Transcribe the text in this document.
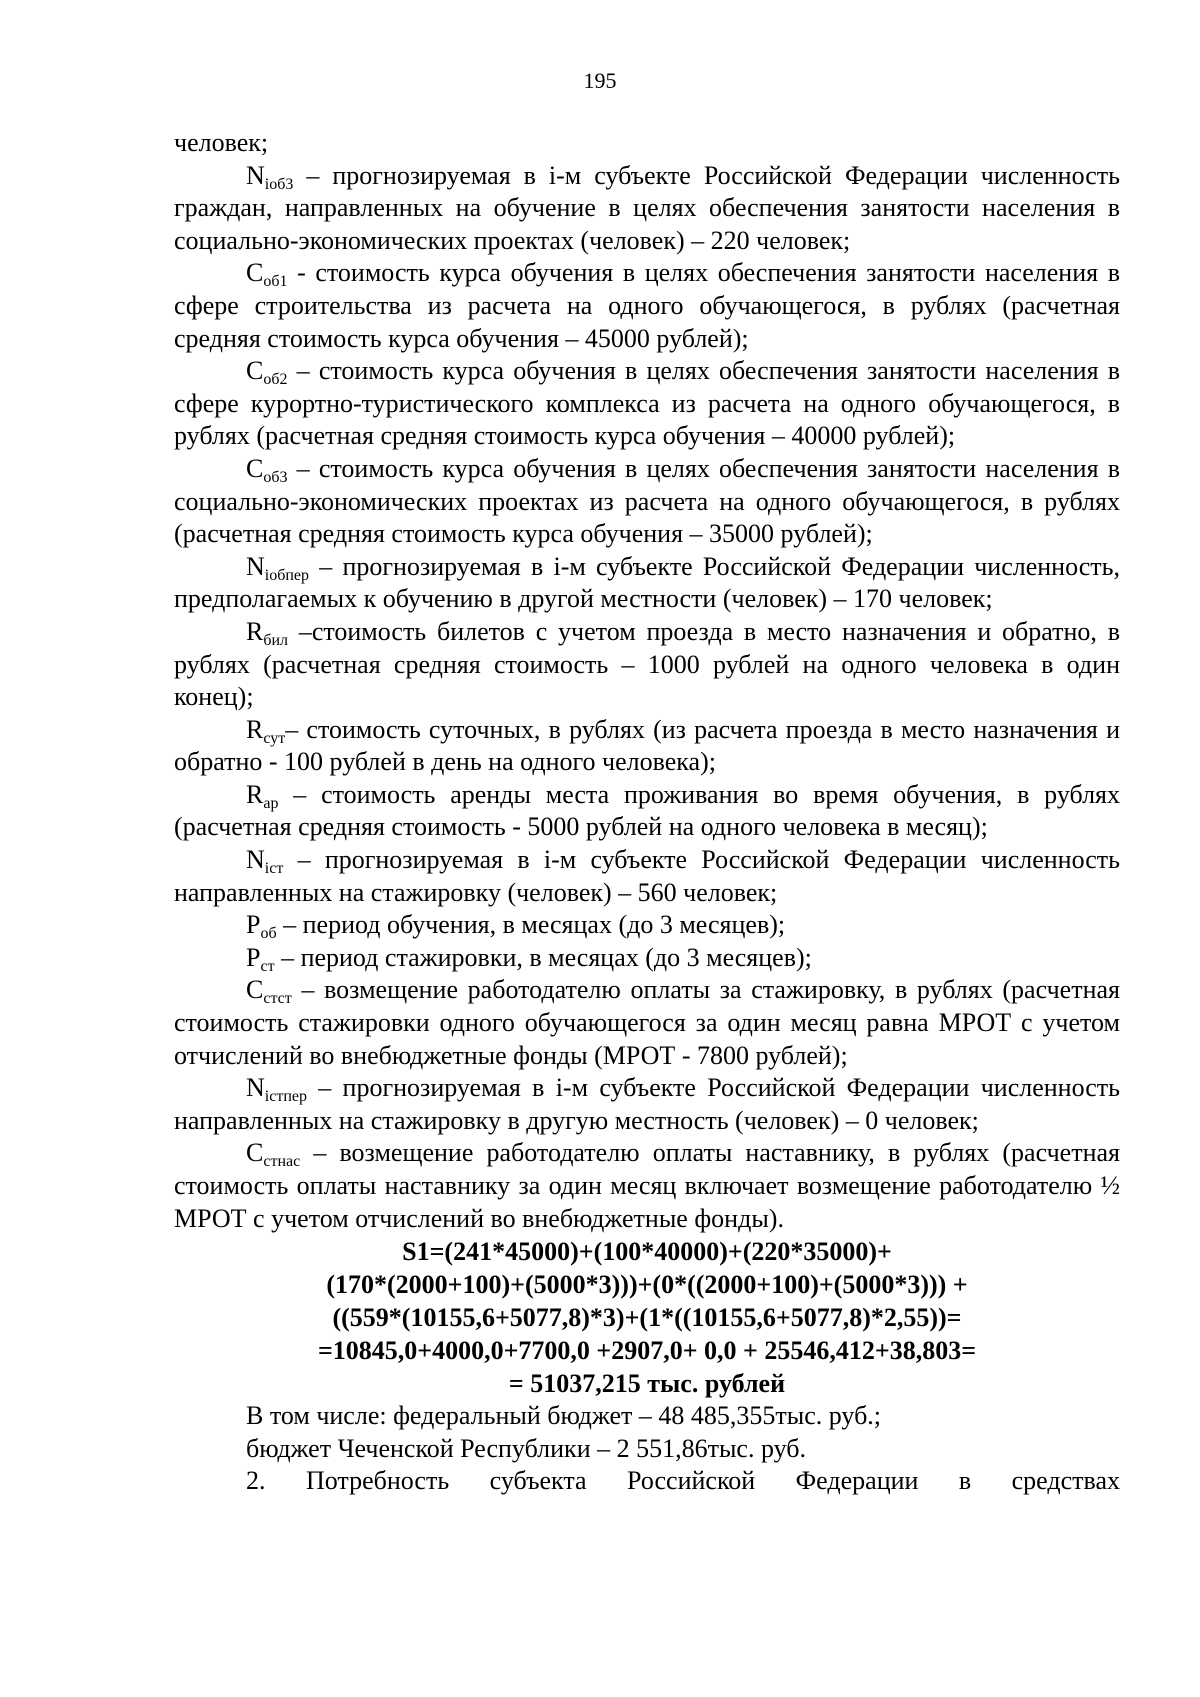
195

человек;

Niоб3 – прогнозируемая в i-м субъекте Российской Федерации численность граждан, направленных на обучение в целях обеспечения занятости населения в социально-экономических проектах (человек) – 220 человек;

Cоб1 - стоимость курса обучения в целях обеспечения занятости населения в сфере строительства из расчета на одного обучающегося, в рублях (расчетная средняя стоимость курса обучения – 45000 рублей);

Cоб2 – стоимость курса обучения в целях обеспечения занятости населения в сфере курортно-туристического комплекса из расчета на одного обучающегося, в рублях (расчетная средняя стоимость курса обучения – 40000 рублей);

Cоб3 – стоимость курса обучения в целях обеспечения занятости населения в социально-экономических проектах из расчета на одного обучающегося, в рублях (расчетная средняя стоимость курса обучения – 35000 рублей);

Niобпер – прогнозируемая в i-м субъекте Российской Федерации численность, предполагаемых к обучению в другой местности (человек) – 170 человек;

Rбил –стоимость билетов с учетом проезда в место назначения и обратно, в рублях (расчетная средняя стоимость – 1000 рублей на одного человека в один конец);

Rсут– стоимость суточных, в рублях (из расчета проезда в место назначения и обратно - 100 рублей в день на одного человека);

Rар – стоимость аренды места проживания во время обучения, в рублях (расчетная средняя стоимость - 5000 рублей на одного человека в месяц);

Niст – прогнозируемая в i-м субъекте Российской Федерации численность направленных на стажировку (человек) – 560 человек;

Pоб – период обучения, в месяцах (до 3 месяцев);

Pст – период стажировки, в месяцах (до 3 месяцев);

Cстст – возмещение работодателю оплаты за стажировку, в рублях (расчетная стоимость стажировки одного обучающегося за один месяц равна МРОТ с учетом отчислений во внебюджетные фонды (МРОТ - 7800 рублей);

Niстпер – прогнозируемая в i-м субъекте Российской Федерации численность направленных на стажировку в другую местность (человек) – 0 человек;

Cстнас – возмещение работодателю оплаты наставнику, в рублях (расчетная стоимость оплаты наставнику за один месяц включает возмещение работодателю ½ МРОТ с учетом отчислений во внебюджетные фонды).

S1=(241*45000)+(100*40000)+(220*35000)+

(170*(2000+100)+(5000*3)))+(0*((2000+100)+(5000*3))) +

((559*(10155,6+5077,8)*3)+(1*((10155,6+5077,8)*2,55))=

=10845,0+4000,0+7700,0 +2907,0+ 0,0 + 25546,412+38,803=

= 51037,215 тыс. рублей

В том числе: федеральный бюджет – 48 485,355тыс. руб.;

бюджет Чеченской Республики – 2 551,86тыс. руб.

2. Потребность субъекта Российской Федерации в средствах
